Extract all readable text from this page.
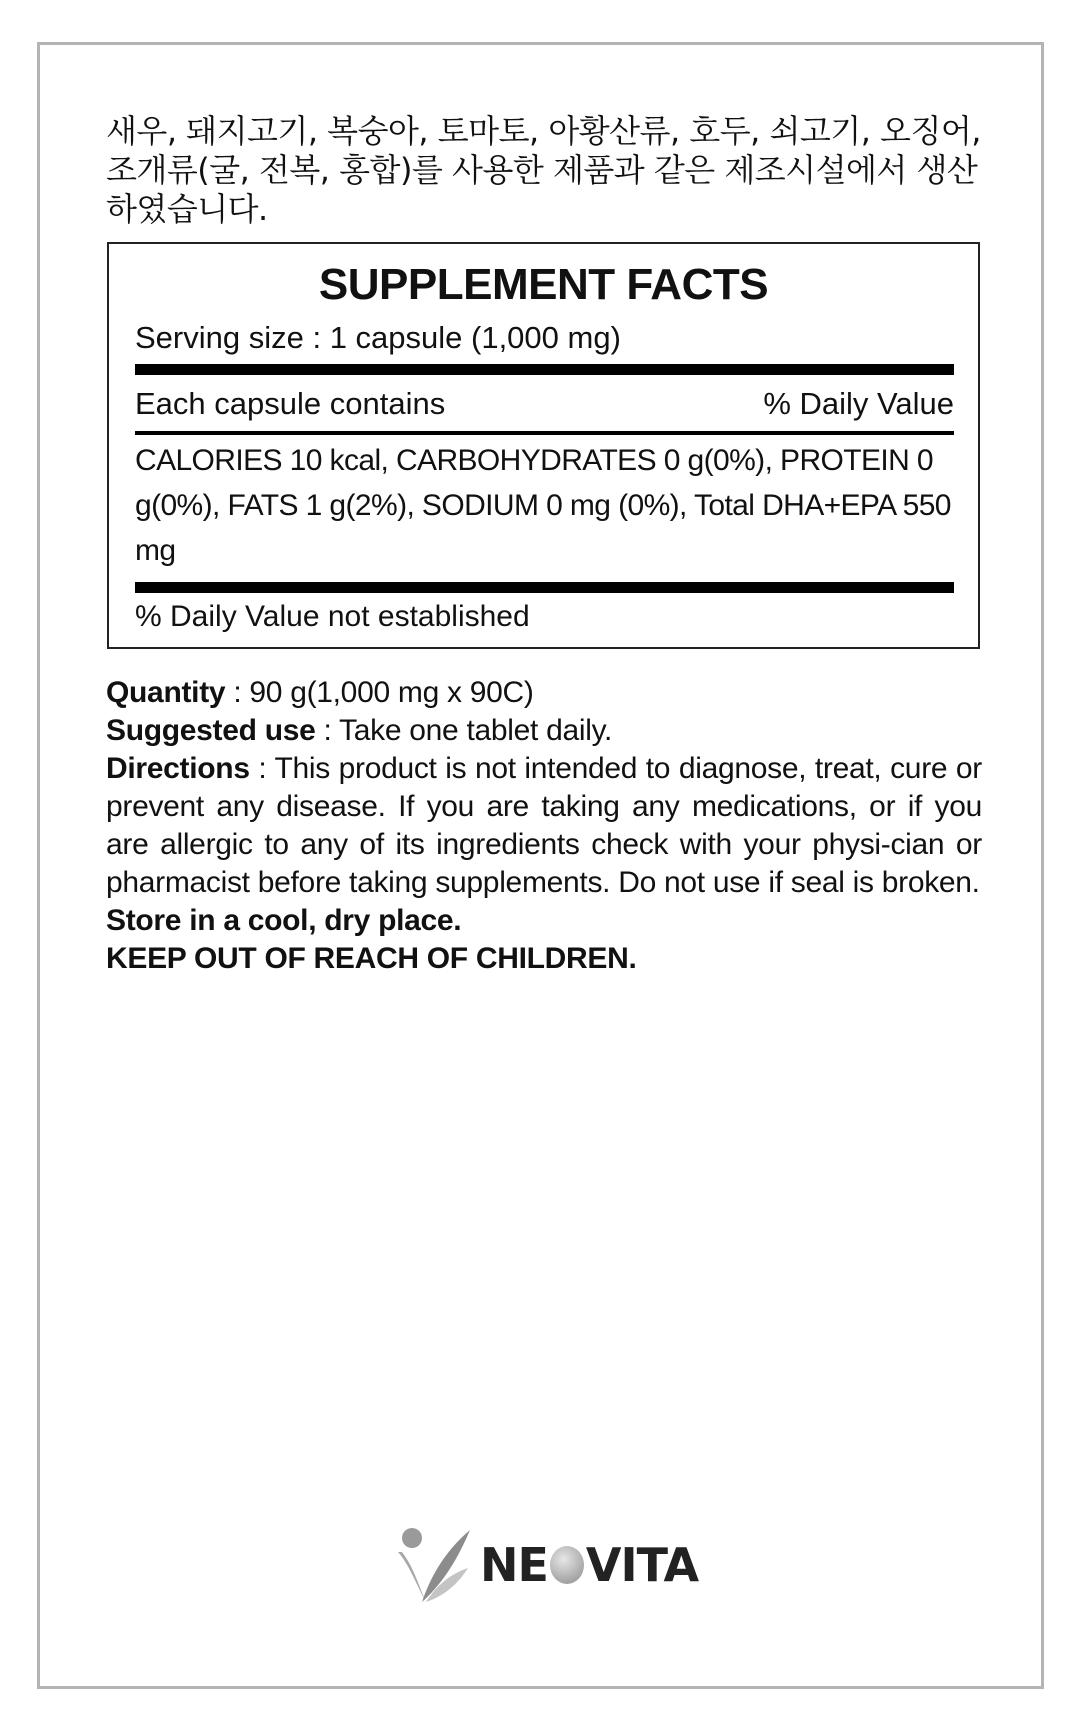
새우, 돼지고기, 복숭아, 토마토, 아황산류, 호두, 쇠고기, 오징어, 조개류(굴, 전복, 홍합)를 사용한 제품과 같은 제조시설에서 생산하였습니다.

SUPPLEMENT FACTS

Serving size : 1 capsule (1,000 mg)

Each capsule contains	% Daily Value

CALORIES 10 kcal, CARBOHYDRATES 0 g(0%), PROTEIN 0 g(0%), FATS 1 g(2%), SODIUM 0 mg (0%), Total DHA+EPA 550 mg

% Daily Value not established

Quantity : 90 g(1,000 mg x 90C)

Suggested use : Take one tablet daily.

Directions : This product is not intended to diagnose, treat, cure or prevent any disease. If you are taking any medications, or if you are allergic to any of its ingredients check with your physi-cian or pharmacist before taking supplements. Do not use if seal is broken.

Store in a cool, dry place.

KEEP OUT OF REACH OF CHILDREN.

NE VITA
